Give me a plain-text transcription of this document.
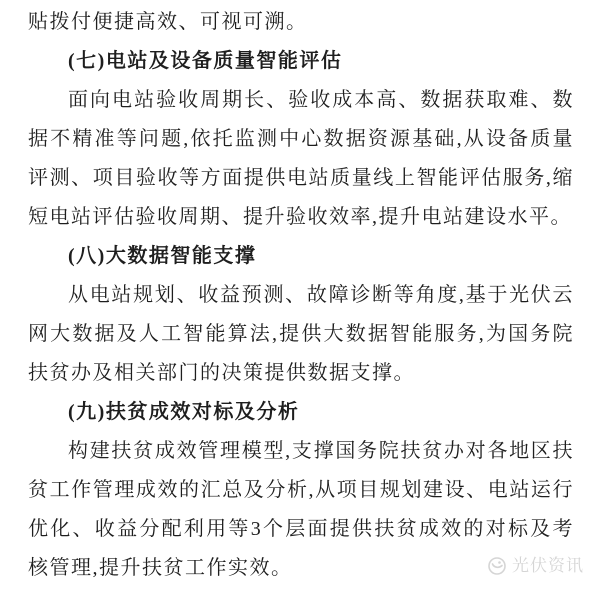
贴拨付便捷高效、可视可溯。

(七)电站及设备质量智能评估

面向电站验收周期长、验收成本高、数据获取难、数据不精准等问题,依托监测中心数据资源基础,从设备质量评测、项目验收等方面提供电站质量线上智能评估服务,缩短电站评估验收周期、提升验收效率,提升电站建设水平。

(八)大数据智能支撑

从电站规划、收益预测、故障诊断等角度,基于光伏云网大数据及人工智能算法,提供大数据智能服务,为国务院扶贫办及相关部门的决策提供数据支撑。

(九)扶贫成效对标及分析

构建扶贫成效管理模型,支撑国务院扶贫办对各地区扶贫工作管理成效的汇总及分析,从项目规划建设、电站运行优化、收益分配利用等3个层面提供扶贫成效的对标及考核管理,提升扶贫工作实效。	光伏资讯
